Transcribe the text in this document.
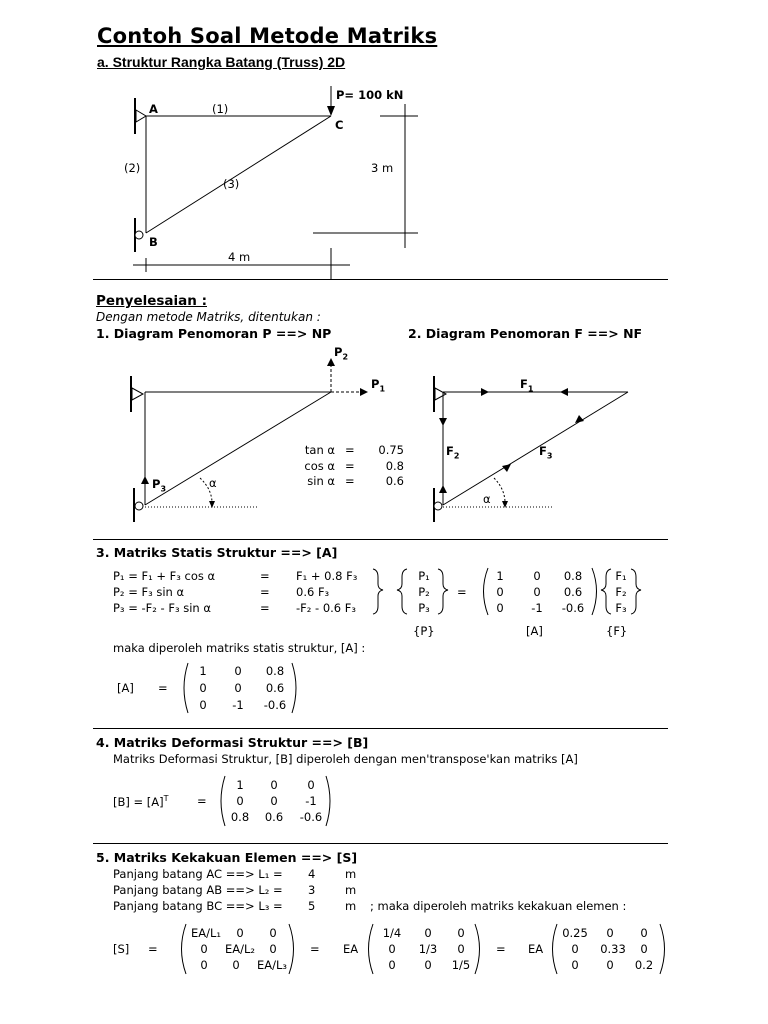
Contoh Soal Metode Matriks
a. Struktur Rangka Batang (Truss) 2D
P= 100 kN
A
B
C
(1)
(2)
(3)
3 m
4 m
Penyelesaian :
Dengan metode Matriks, ditentukan :
1. Diagram Penomoran P ==> NP	2. Diagram Penomoran F ==> NF
$P_2$
$P_1$
$P_3$	α
$F_1$
$F_2$	$F_3$
α
tan α =	0.75
cos α =	0.8
sin α =	0.6
3. Matriks Statis Struktur ==> [A]
P₁ = F₁ + F₃ cos α	= F₁ + 0.8 F₃
P₂ = F₃ sin α	= 0.6 F₃
P₃ = -F₂ - F₃ sin α	= -F₂ - 0.6 F₃
P₁
P₂
P₃
=
1	0	0.8
0	0	0.6
0	-1	-0.6
F₁
F₂
F₃
{P}	[A]	{F}
maka diperoleh matriks statis struktur, [A] :
[A] =
1	0	0.8
0	0	0.6
0	-1	-0.6
4. Matriks Deformasi Struktur ==> [B]
Matriks Deformasi Struktur, [B] diperoleh dengan men'transpose'kan matriks [A]
$[B] = [A]^T$ =
1	0	0
0	0	-1
0.8	0.6	-0.6
5. Matriks Kekakuan Elemen ==> [S]
Panjang batang AC ==> L₁ = 4	m
Panjang batang AB ==> L₂ = 3	m
Panjang batang BC ==> L₃ = 5	m ; maka diperoleh matriks kekakuan elemen :
[S] =	= EA	= EA
EA/L₁	0	0
0	EA/L₂	0
0	0	EA/L₃
1/4	0	0
0	1/3	0
0	0	1/5
0.25	0	0
0	0.33	0
0	0	0.2
